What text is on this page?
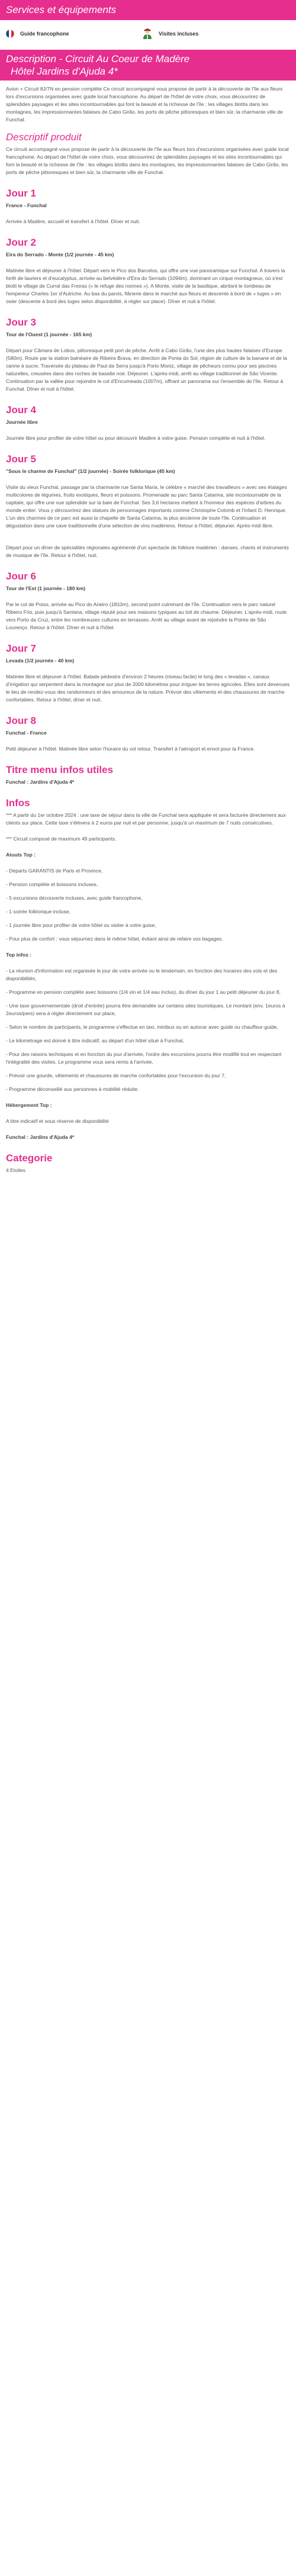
Services et équipements
Guide francophone	Visites incluses
Description - Circuit Au Coeur de Madère
Hôtel Jardins d'Ajuda 4*

Avion + Circuit 8J/7N en pension complète Ce circuit accompagné vous propose de partir à la découverte de l'île aux fleurs lors d'excursions organisées avec guide local francophone. Au départ de l'hôtel de votre choix, vous découvrirez de splendides paysages et les sites incontournables qui font la beauté et la richesse de l'île : les villages blottis dans les montagnes, les impressionnantes falaises de Cabo Girão, les ports de pêche pittoresques et bien sûr, la charmante ville de Funchal.

Descriptif produit

Ce circuit accompagné vous propose de partir à la découverte de l'île aux fleurs lors d'excursions organisées avec guide local francophone. Au départ de l'hôtel de votre choix, vous découvrirez de splendides paysages et les sites incontournables qui font la beauté et la richesse de l'île : les villages blottis dans les montagnes, les impressionnantes falaises de Cabo Girão, les ports de pêche pittoresques et bien sûr, la charmante ville de Funchal.

Jour 1

France - Funchal

Arrivée à Madère, accueil et transfert à l'hôtel. Dîner et nuit.

Jour 2

Eira do Serrado - Monte (1/2 journée - 45 km)

Matinée libre et déjeuner à l'hôtel. Départ vers le Pico dos Barcelos, qui offre une vue panoramique sur Funchal. A travers la forêt de lauriers et d'eucalyptus, arrivée au belvédère d'Eira do Serrado (1094m), dominant un cirque montagneux, où s'est blotti le village de Curral das Freiras (« le refuge des nonnes »). A Monte, visite de la basilique, abritant le tombeau de l'empereur Charles 1er d'Autriche. Au bas du parvis, flânerie dans le marché aux fleurs et descente à bord de « luges » en osier (descente à bord des luges selon disponibilité, à régler sur place). Dîner et nuit à l'hôtel.

Jour 3

Tour de l'Ouest (1 journée - 165 km)

Départ pour Câmara de Lobos, pittoresque petit port de pêche. Arrêt à Cabo Girão, l'une des plus hautes falaises d'Europe (580m). Route par la station balnéaire de Ribeira Brava, en direction de Ponta do Sol, région de culture de la banane et de la canne à sucre. Traversée du plateau de Paul da Serra jusqu'à Porto Moniz, village de pêcheurs connu pour ses piscines naturelles, creusées dans des roches de basalte noir. Déjeuner. L'après-midi, arrêt au village traditionnel de São Vicente. Continuation par la vallée pour rejoindre le col d'Encumeada (1007m), offrant un panorama sur l'ensemble de l'île. Retour à Funchal. Dîner et nuit à l'hôtel.

Jour 4

Journée libre

Journée libre pour profiter de votre hôtel ou pour découvrir Madère à votre guise. Pension complète et nuit à l'hôtel.

Jour 5

"Sous le charme de Funchal" (1/2 journée) - Soirée folklorique (45 km)

Visite du vieux Funchal, passage par la charmante rue Santa Maria, le célèbre « marché des travailleurs » avec ses étalages multicolores de légumes, fruits exotiques, fleurs et poissons. Promenade au parc Santa Catarina, site incontournable de la capitale, qui offre une vue splendide sur la baie de Funchal. Ses 3,6 hectares mettent à l'honneur des espèces d'arbres du monde entier. Vous y découvrirez des statues de personnages importants comme Christophe Colomb et l'Infant D. Henrique. L'un des charmes de ce parc est aussi la chapelle de Santa Catarina, la plus ancienne de toute l'île. Continuation et dégustation dans une cave traditionnelle d'une sélection de vins madériens. Retour à l'hôtel, déjeuner. Après-midi libre.

Départ pour un dîner de spécialités régionales agrémenté d'un spectacle de folklore madérien : danses, chants et instruments de musique de l'île. Retour à l'hôtel, nuit.

Jour 6

Tour de l'Est (1 journée - 180 km)

Par le col de Poiso, arrivée au Pico do Arieiro (1810m), second point culminant de l'île. Continuation vers le parc naturel Ribeiro Frio, puis jusqu'à Santana, village réputé pour ses maisons typiques au toit de chaume. Déjeuner. L'après-midi, route vers Porto da Cruz, entre les nombreuses cultures en terrasses. Arrêt au village avant de rejoindre la Pointe de São Lourenço. Retour à l'hôtel. Dîner et nuit à l'hôtel.

Jour 7

Levada (1/2 journée - 40 km)

Matinée libre et déjeuner à l'hôtel. Balade pédestre d'environ 2 heures (niveau facile) le long des « levadas », canaux d'irrigation qui serpentent dans la montagne sur plus de 2000 kilomètres pour irriguer les terres agricoles. Elles sont devenues le lieu de rendez-vous des randonneurs et des amoureux de la nature. Prévoir des vêtements et des chaussures de marche confortables. Retour à l'hôtel, dîner et nuit.

Jour 8

Funchal - France

Petit déjeuner à l'hôtel. Matinée libre selon l'horaire du vol retour. Transfert à l'aéroport et envol pour la France.

Titre menu infos utiles

Funchal : Jardins d'Ajuda 4*

Infos

*** A partir du 1er octobre 2024 : une taxe de séjour dans la ville de Funchal sera appliquée et sera facturée directement aux clients sur place. Cette taxe s'élèvera à 2 euros par nuit et par personne, jusqu'à un maximum de 7 nuits consécutives.

*** Circuit composé de maximum 49 participants.

Atouts Top :

- Départs GARANTIS de Paris et Province,

- Pension complète et boissons incluses,

- 5 excursions découverte incluses, avec guide francophone,

- 1 soirée folklorique incluse,

- 1 journée libre pour profiter de votre hôtel ou visiter à votre guise,

- Pour plus de confort : vous séjournez dans le même hôtel, évitant ainsi de refaire vos bagages.

Top infos :

- La réunion d'information est organisée le jour de votre arrivée ou le lendemain, en fonction des horaires des vols et des disponibilités,

- Programme en pension complète avec boissons (1/4 vin et 1/4 eau inclus), du dîner du jour 1 au petit déjeuner du jour 8,

- Une taxe gouvernementale (droit d'entrée) pourra être demandée sur certains sites touristiques. Le montant (env. 1euros à 2euros/pers) sera à régler directement sur place,

- Selon le nombre de participants, le programme s'effectue en taxi, minibus ou en autocar avec guide ou chauffeur-guide,

- Le kilométrage est donné à titre indicatif, au départ d'un hôtel situé à Funchal,

- Pour des raisons techniques et en fonction du jour d'arrivée, l'ordre des excursions pourra être modifié tout en respectant l'intégralité des visites. Le programme vous sera remis à l'arrivée,

- Prévoir une gourde, vêtements et chaussures de marche confortables pour l'excursion du jour 7,

- Programme déconseillé aux personnes à mobilité réduite.

Hébergement Top :

A titre indicatif et sous réserve de disponibilité

Funchal : Jardins d'Ajuda 4*

Categorie

4 Etoiles
